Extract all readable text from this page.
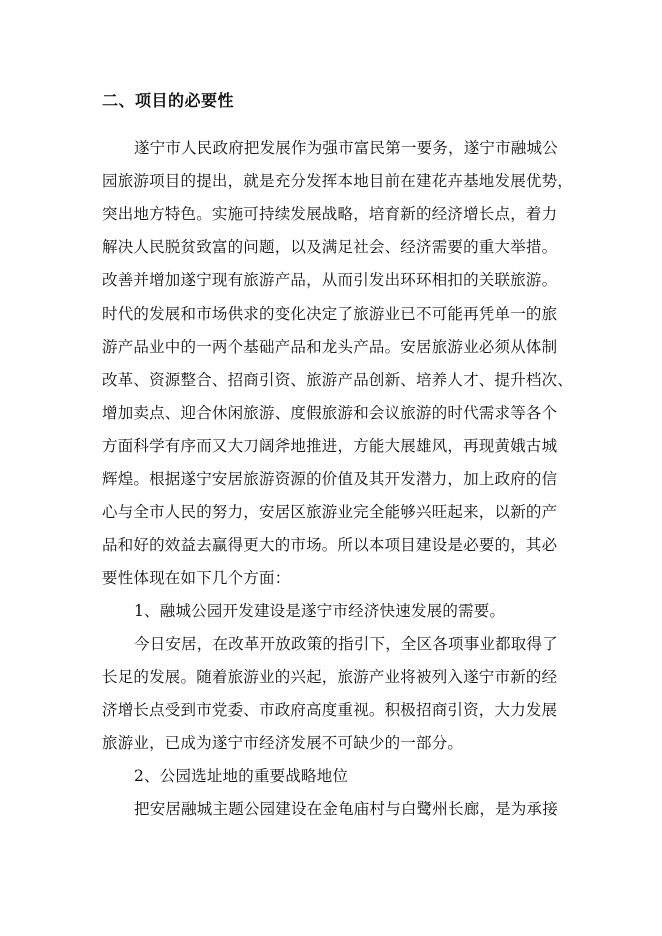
二、项目的必要性
遂宁市人民政府把发展作为强市富民第一要务，遂宁市融城公
园旅游项目的提出，就是充分发挥本地目前在建花卉基地发展优势，
突出地方特色。实施可持续发展战略，培育新的经济增长点，着力
解决人民脱贫致富的问题，以及满足社会、经济需要的重大举措。
改善并增加遂宁现有旅游产品，从而引发出环环相扣的关联旅游。
时代的发展和市场供求的变化决定了旅游业已不可能再凭单一的旅
游产品业中的一两个基础产品和龙头产品。安居旅游业必须从体制
改革、资源整合、招商引资、旅游产品创新、培养人才、提升档次、
增加卖点、迎合休闲旅游、度假旅游和会议旅游的时代需求等各个
方面科学有序而又大刀阔斧地推进，方能大展雄风，再现黄娥古城
辉煌。根据遂宁安居旅游资源的价值及其开发潜力，加上政府的信
心与全市人民的努力，安居区旅游业完全能够兴旺起来，以新的产
品和好的效益去赢得更大的市场。所以本项目建设是必要的，其必
要性体现在如下几个方面：
1、融城公园开发建设是遂宁市经济快速发展的需要。
今日安居，在改革开放政策的指引下，全区各项事业都取得了
长足的发展。随着旅游业的兴起，旅游产业将被列入遂宁市新的经
济增长点受到市党委、市政府高度重视。积极招商引资，大力发展
旅游业，已成为遂宁市经济发展不可缺少的一部分。
2、公园选址地的重要战略地位
把安居融城主题公园建设在金龟庙村与白鹭州长廊，是为承接
